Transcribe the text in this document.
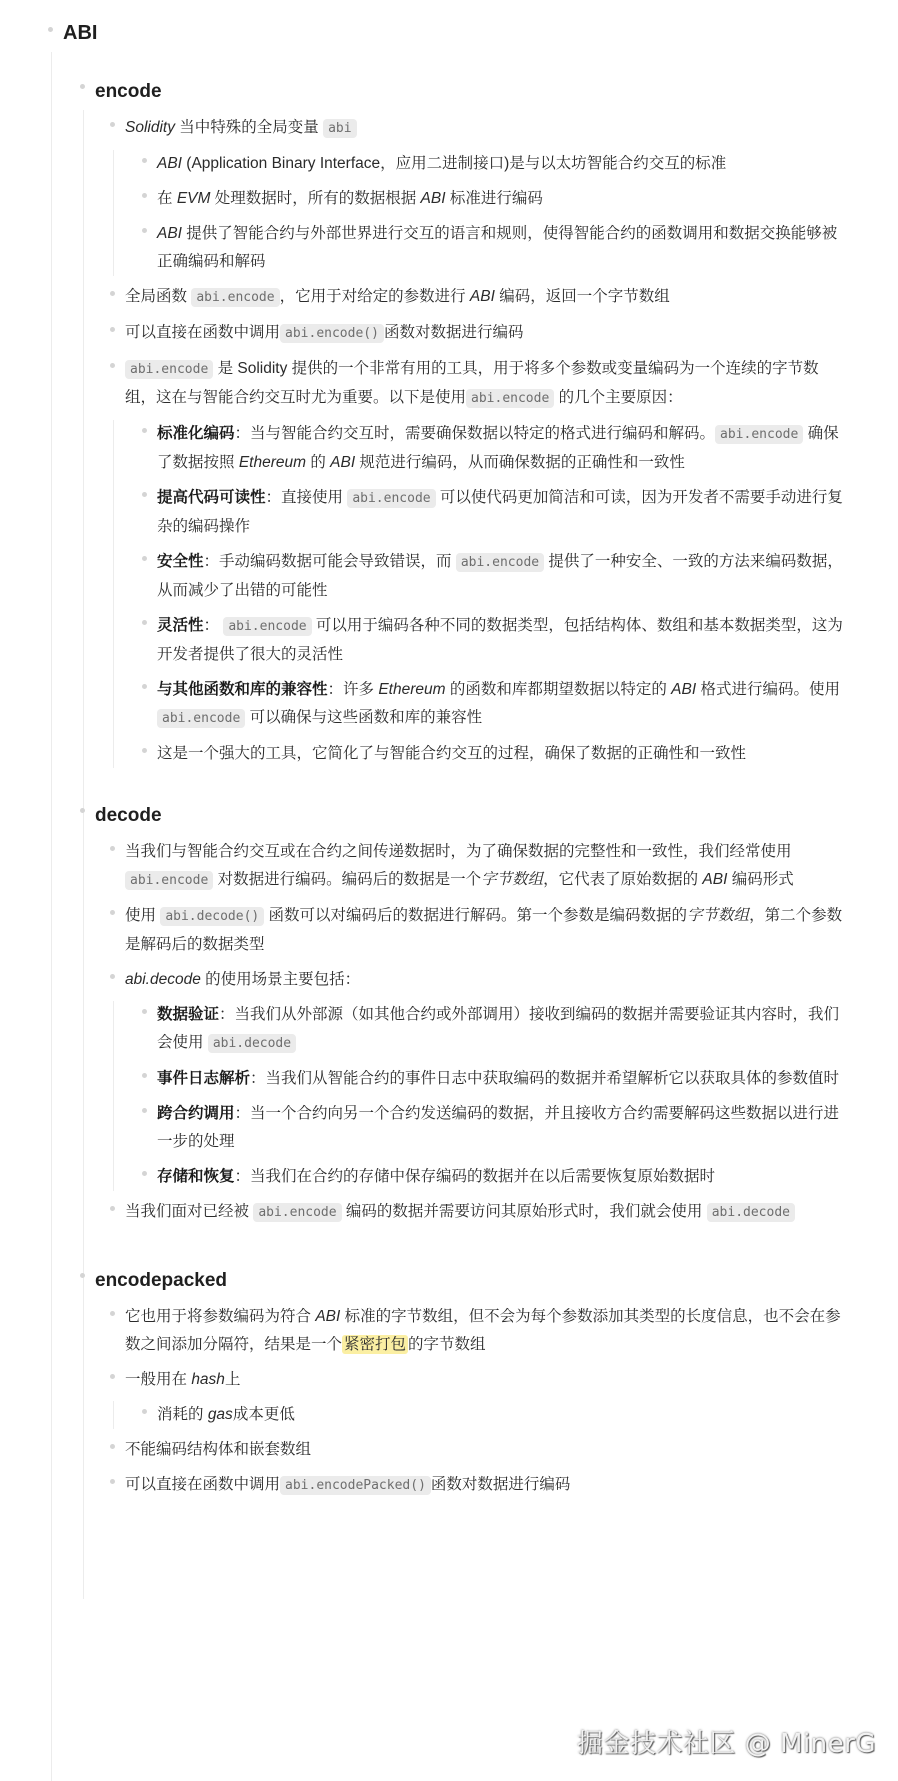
ABI
encode
Solidity 当中特殊的全局变量 abi
ABI (Application Binary Interface，应用二进制接口)是与以太坊智能合约交互的标准
在 EVM 处理数据时，所有的数据根据 ABI 标准进行编码
ABI 提供了智能合约与外部世界进行交互的语言和规则，使得智能合约的函数调用和数据交换能够被正确编码和解码
全局函数 abi.encode ，它用于对给定的参数进行 ABI 编码，返回一个字节数组
可以直接在函数中调用 abi.encode() 函数对数据进行编码
abi.encode 是 Solidity 提供的一个非常有用的工具，用于将多个参数或变量编码为一个连续的字节数组，这在与智能合约交互时尤为重要。以下是使用 abi.encode 的几个主要原因：
标准化编码：当与智能合约交互时，需要确保数据以特定的格式进行编码和解码。 abi.encode 确保了数据按照 Ethereum 的 ABI 规范进行编码，从而确保数据的正确性和一致性
提高代码可读性：直接使用 abi.encode 可以使代码更加简洁和可读，因为开发者不需要手动进行复杂的编码操作
安全性：手动编码数据可能会导致错误，而 abi.encode 提供了一种安全、一致的方法来编码数据，从而减少了出错的可能性
灵活性： abi.encode 可以用于编码各种不同的数据类型，包括结构体、数组和基本数据类型，这为开发者提供了很大的灵活性
与其他函数和库的兼容性：许多 Ethereum 的函数和库都期望数据以特定的 ABI 格式进行编码。使用 abi.encode 可以确保与这些函数和库的兼容性
这是一个强大的工具，它简化了与智能合约交互的过程，确保了数据的正确性和一致性
decode
当我们与智能合约交互或在合约之间传递数据时，为了确保数据的完整性和一致性，我们经常使用 abi.encode 对数据进行编码。编码后的数据是一个字节数组，它代表了原始数据的 ABI 编码形式
使用 abi.decode() 函数可以对编码后的数据进行解码。第一个参数是编码数据的字节数组，第二个参数是解码后的数据类型
abi.decode 的使用场景主要包括：
数据验证：当我们从外部源（如其他合约或外部调用）接收到编码的数据并需要验证其内容时，我们会使用 abi.decode
事件日志解析：当我们从智能合约的事件日志中获取编码的数据并希望解析它以获取具体的参数值时
跨合约调用：当一个合约向另一个合约发送编码的数据，并且接收方合约需要解码这些数据以进行进一步的处理
存储和恢复：当我们在合约的存储中保存编码的数据并在以后需要恢复原始数据时
当我们面对已经被 abi.encode 编码的数据并需要访问其原始形式时，我们就会使用 abi.decode
encodepacked
它也用于将参数编码为符合 ABI 标准的字节数组，但不会为每个参数添加其类型的长度信息，也不会在参数之间添加分隔符，结果是一个 紧密打包 的字节数组
一般用在 hash上
消耗的 gas成本更低
不能编码结构体和嵌套数组
可以直接在函数中调用 abi.encodePacked() 函数对数据进行编码
掘金技术社区 @ MinerG
